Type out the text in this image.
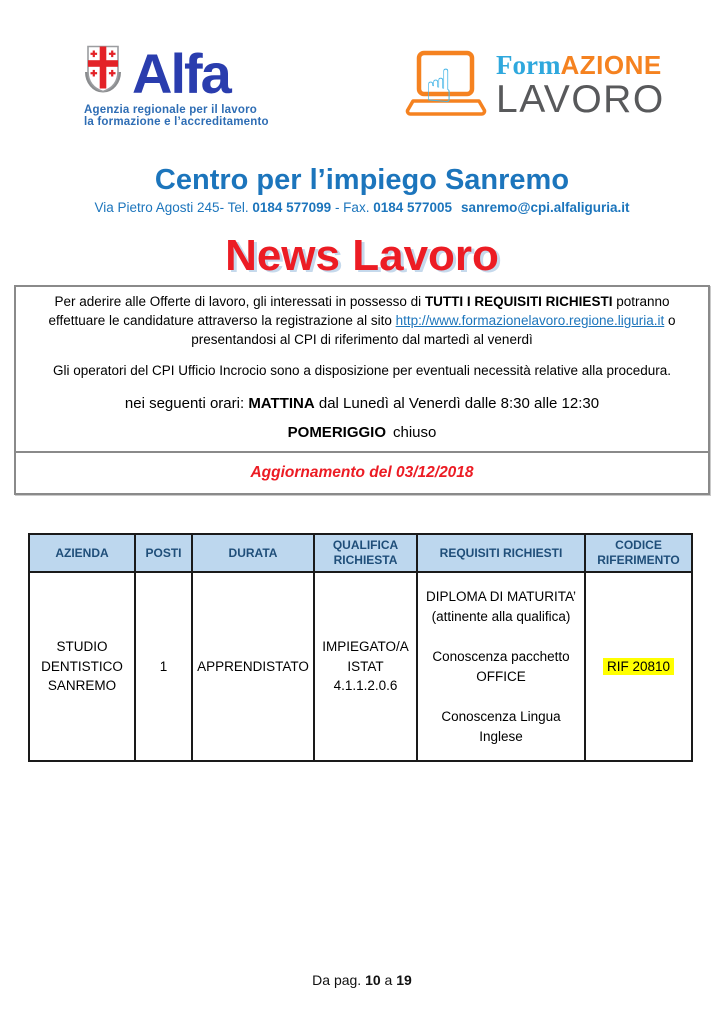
Alfa
Agenzia regionale per il lavoro
la formazione e l’accreditamento
☝ FormAZIONE
LAVORO
Centro per l’impiego Sanremo
Via Pietro Agosti 245- Tel. 0184 577099 - Fax. 0184 577005 sanremo@cpi.alfaliguria.it
News Lavoro

Per aderire alle Offerte di lavoro, gli interessati in possesso di TUTTI I REQUISITI RICHIESTI potranno effettuare le candidature attraverso la registrazione al sito http://www.formazionelavoro.regione.liguria.it o presentandosi al CPI di riferimento dal martedì al venerdì

Gli operatori del CPI Ufficio Incrocio sono a disposizione per eventuali necessità relative alla procedura.

nei seguenti orari: MATTINA dal Lunedì al Venerdì dalle 8:30 alle 12:30

POMERIGGIO chiuso

Aggiornamento del 03/12/2018
AZIENDA	POSTI	DURATA	QUALIFICA RICHIESTA	REQUISITI RICHIESTI	CODICE RIFERIMENTO
STUDIO DENTISTICO SANREMO	1	APPRENDISTATO	IMPIEGATO/A ISTAT 4.1.1.2.0.6	DIPLOMA DI MATURITA’ (attinente alla qualifica)

Conoscenza pacchetto OFFICE

Conoscenza Lingua Inglese	RIF 20810
Da pag. 10 a 19
